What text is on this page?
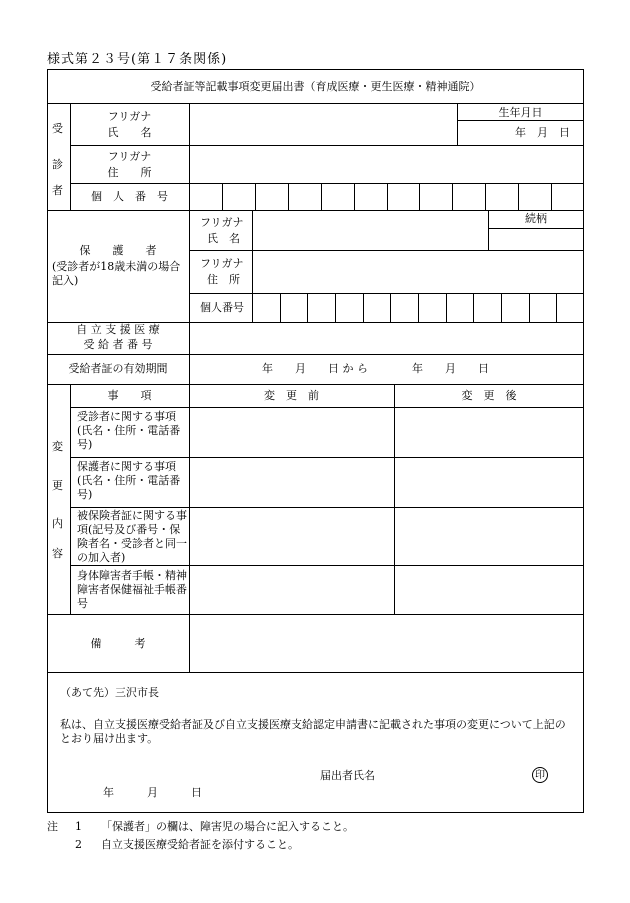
様式第２３号(第１７条関係)
受給者証等記載事項変更届出書（育成医療・更生医療・精神通院）
受
診
者
フリガナ
氏　　名
生年月日
年　月　日
フリガナ
住　　所
個　人　番　号
保　　護　　者
(受診者が18歳未満の場合記入)
フリガナ
氏　名
続柄
フリガナ
住　所
個人番号
自 立 支 援 医 療
受 給 者 番 号
受給者証の有効期間	年　　月　　日 か ら　　　　年　　月　　日
事　　項	変　更　前	変　更　後
変
更
内
容
受診者に関する事項(氏名・住所・電話番号)
保護者に関する事項(氏名・住所・電話番号)
被保険者証に関する事項(記号及び番号・保険者名・受診者と同一の加入者)
身体障害者手帳・精神障害者保健福祉手帳番号
備　　　考
（あて先）三沢市長
私は、自立支援医療受給者証及び自立支援医療支給認定申請書に記載された事項の変更について上記のとおり届け出ます。
届出者氏名	印
年　　　月　　　日
注 1 「保護者」の欄は、障害児の場合に記入すること。
2 自立支援医療受給者証を添付すること。
